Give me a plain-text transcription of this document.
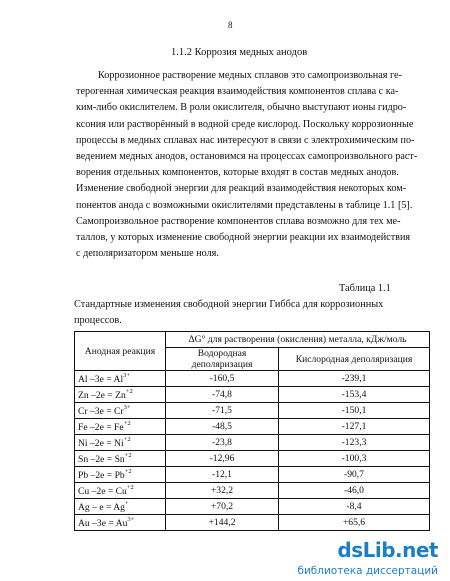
8
1.1.2 Коррозия медных анодов
Коррозионное растворение медных сплавов это самопроизвольная ге-
терогенная химическая реакция взаимодействия компонентов сплава с ка-
ким-либо окислителем. В роли окислителя, обычно выступают ионы гидро-
ксония или растворённый в водной среде кислород. Поскольку коррозионные
процессы в медных сплавах нас интересуют в связи с электрохимическим по-
ведением медных анодов, остановимся на процессах самопроизвольного раст-
ворения отдельных компонентов, которые входят в состав медных анодов.
Изменение свободной энергии для реакций взаимодействия некоторых ком-
понентов анода с возможными окислителями представлены в таблице 1.1 [5].
Самопроизвольное растворение компонентов сплава возможно для тех ме-
таллов, у которых изменение свободной энергии реакции их взаимодействия
с деполяризатором меньше ноля.
Таблица 1.1
Стандартные изменения свободной энергии Гиббса для коррозионных процессов.
Анодная реакция	ΔG° для растворения (окисления) металла, кДж/моль	
	Водородная деполяризация	Кислородная деполяризация
Al $-3e = Al^{3+}$	-160,5	-239,1
Zn $-2e = Zn^{+2}$	-74,8	-153,4
Cr $-3e = Cr^{3+}$	-71,5	-150,1
Fe $-2e = Fe^{+2}$	-48,5	-127,1
Ni $-2e = Ni^{+2}$	-23,8	-123,3
Sn $-2e = Sn^{+2}$	-12,96	-100,3
Pb $-2e = Pb^{+2}$	-12,1	-90,7
Cu $-2e = Cu^{+2}$	+32,2	-46,0
Ag – e = Ag+	+70,2	-8,4
Au $-3e = Au^{3+}$	+144,2	+65,6
dsLib.net
библиотека диссертаций
